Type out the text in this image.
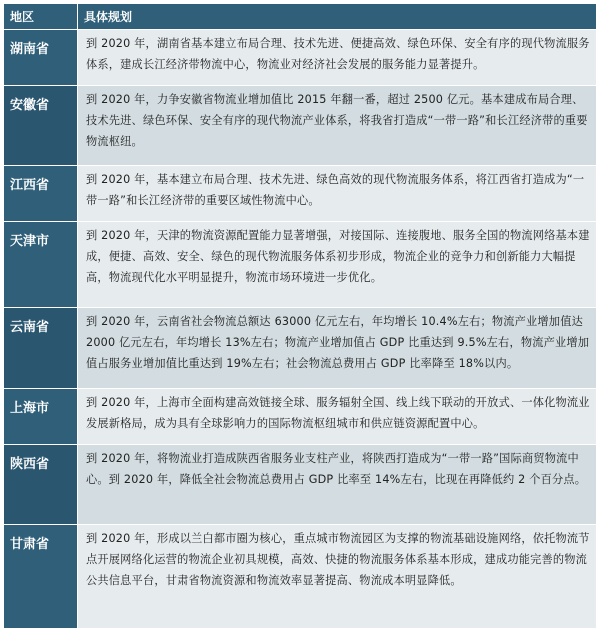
地区	具体规划
湖南省	到 2020 年，湖南省基本建立布局合理、技术先进、便捷高效、绿色环保、安全有序的现代物流服务体系，建成长江经济带物流中心，物流业对经济社会发展的服务能力显著提升。
安徽省	到 2020 年，力争安徽省物流业增加值比 2015 年翻一番，超过 2500 亿元。基本建成布局合理、技术先进、绿色环保、安全有序的现代物流产业体系，将我省打造成“一带一路”和长江经济带的重要物流枢纽。
江西省	到 2020 年，基本建立布局合理、技术先进、绿色高效的现代物流服务体系，将江西省打造成为“一带一路”和长江经济带的重要区域性物流中心。
天津市	到 2020 年，天津的物流资源配置能力显著增强，对接国际、连接腹地、服务全国的物流网络基本建成，便捷、高效、安全、绿色的现代物流服务体系初步形成，物流企业的竞争力和创新能力大幅提高，物流现代化水平明显提升，物流市场环境进一步优化。
云南省	到 2020 年，云南省社会物流总额达 63000 亿元左右，年均增长 10.4%左右；物流产业增加值达 2000 亿元左右，年均增长 13%左右；物流产业增加值占 GDP 比重达到 9.5%左右，物流产业增加值占服务业增加值比重达到 19%左右；社会物流总费用占 GDP 比率降至 18%以内。
上海市	到 2020 年，上海市全面构建高效链接全球、服务辐射全国、线上线下联动的开放式、一体化物流业发展新格局，成为具有全球影响力的国际物流枢纽城市和供应链资源配置中心。
陕西省	到 2020 年，将物流业打造成陕西省服务业支柱产业，将陕西打造成为“一带一路”国际商贸物流中心。到 2020 年，降低全社会物流总费用占 GDP 比率至 14%左右，比现在再降低约 2 个百分点。
甘肃省	到 2020 年，形成以兰白都市圈为核心，重点城市物流园区为支撑的物流基础设施网络，依托物流节点开展网络化运营的物流企业初具规模，高效、快捷的物流服务体系基本形成，建成功能完善的物流公共信息平台，甘肃省物流资源和物流效率显著提高、物流成本明显降低。
